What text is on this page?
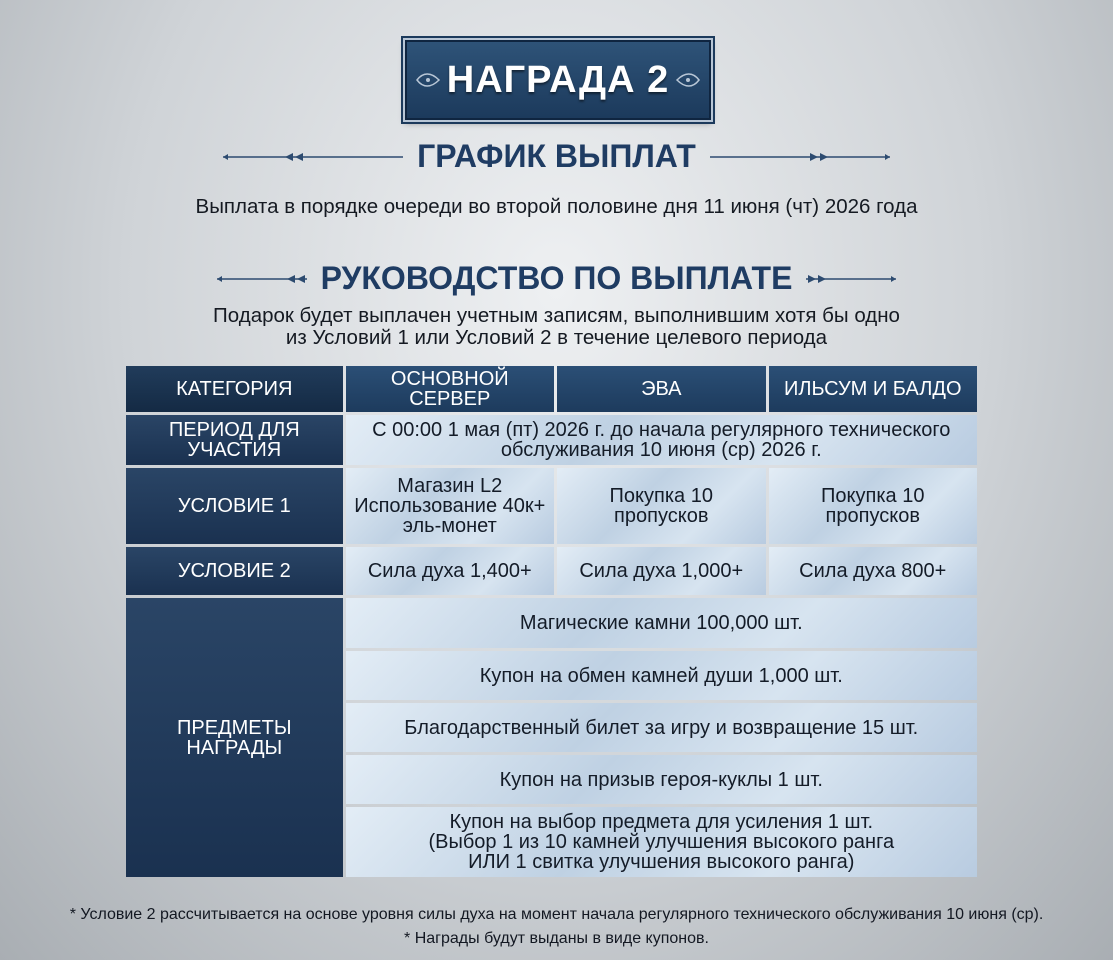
НАГРАДА 2
ГРАФИК ВЫПЛАТ
Выплата в порядке очереди во второй половине дня 11 июня (чт) 2026 года
РУКОВОДСТВО ПО ВЫПЛАТЕ
Подарок будет выплачен учетным записям, выполнившим хотя бы одно
из Условий 1 или Условий 2 в течение целевого периода
КАТЕГОРИЯ	ОСНОВНОЙ СЕРВЕР	ЭВА	ИЛЬСУМ И БАЛДО
ПЕРИОД ДЛЯ УЧАСТИЯ	С 00:00 1 мая (пт) 2026 г. до начала регулярного технического
обслуживания 10 июня (ср) 2026 г.		

УСЛОВИЕ 1	Магазин L2
Использование 40к+
эль-монет	Покупка 10 пропусков	Покупка 10 пропусков
УСЛОВИЕ 2	Сила духа 1,400+	Сила духа 1,000+	Сила духа 800+

ПРЕДМЕТЫ
НАГРАДЫ	Магические камни 100,000 шт.		
	Купон на обмен камней души 1,000 шт.		
	Благодарственный билет за игру и возвращение 15 шт.		
	Купон на призыв героя-куклы 1 шт.		

	Купон на выбор предмета для усиления 1 шт.
(Выбор 1 из 10 камней улучшения высокого ранга
ИЛИ 1 свитка улучшения высокого ранга)		
* Условие 2 рассчитывается на основе уровня силы духа на момент начала регулярного технического обслуживания 10 июня (ср).
* Награды будут выданы в виде купонов.
